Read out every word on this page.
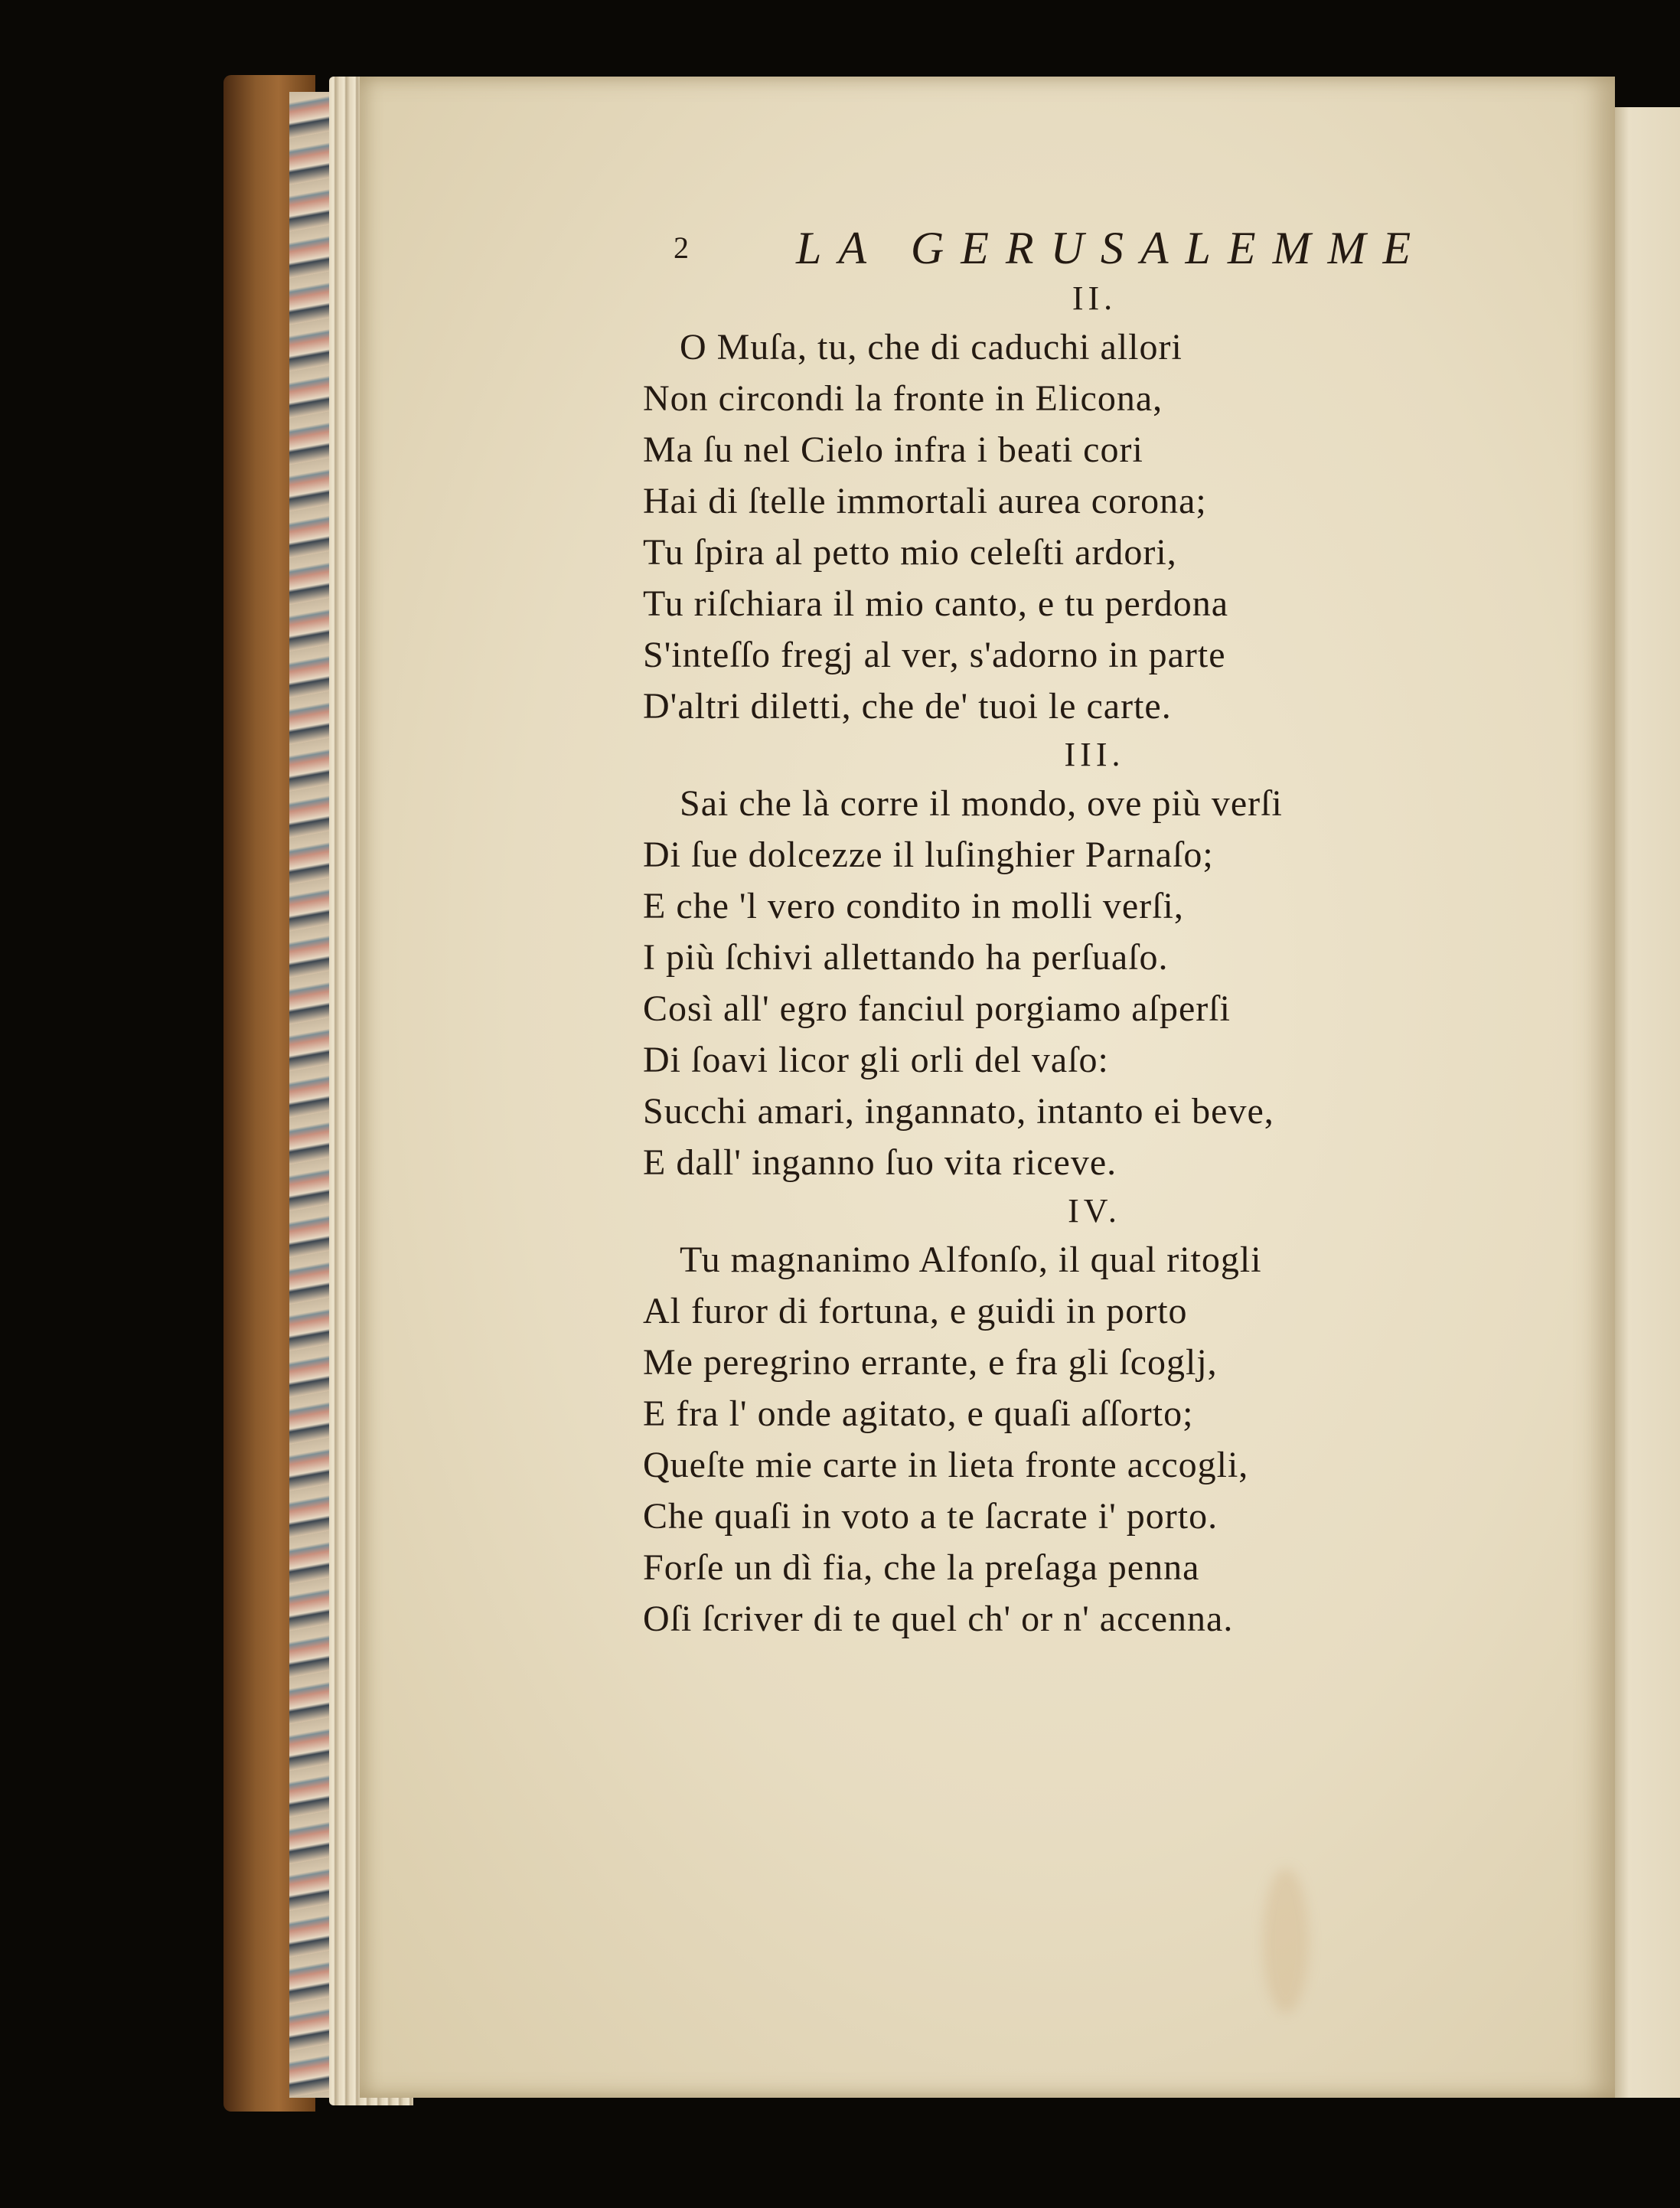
2 LA GERUSALEMME
II.
O Muſa, tu, che di caduchi allori
Non circondi la fronte in Elicona,
Ma ſu nel Cielo infra i beati cori
Hai di ſtelle immortali aurea corona;
Tu ſpira al petto mio celeſti ardori,
Tu riſchiara il mio canto, e tu perdona
S'inteſſo fregj al ver, s'adorno in parte
D'altri diletti, che de' tuoi le carte.
III.
Sai che là corre il mondo, ove più verſi
Di ſue dolcezze il luſinghier Parnaſo;
E che 'l vero condito in molli verſi,
I più ſchivi allettando ha perſuaſo.
Così all' egro fanciul porgiamo aſperſi
Di ſoavi licor gli orli del vaſo:
Succhi amari, ingannato, intanto ei beve,
E dall' inganno ſuo vita riceve.
IV.
Tu magnanimo Alfonſo, il qual ritogli
Al furor di fortuna, e guidi in porto
Me peregrino errante, e fra gli ſcoglj,
E fra l' onde agitato, e quaſi aſſorto;
Queſte mie carte in lieta fronte accogli,
Che quaſi in voto a te ſacrate i' porto.
Forſe un dì fia, che la preſaga penna
Oſi ſcriver di te quel ch' or n' accenna.
